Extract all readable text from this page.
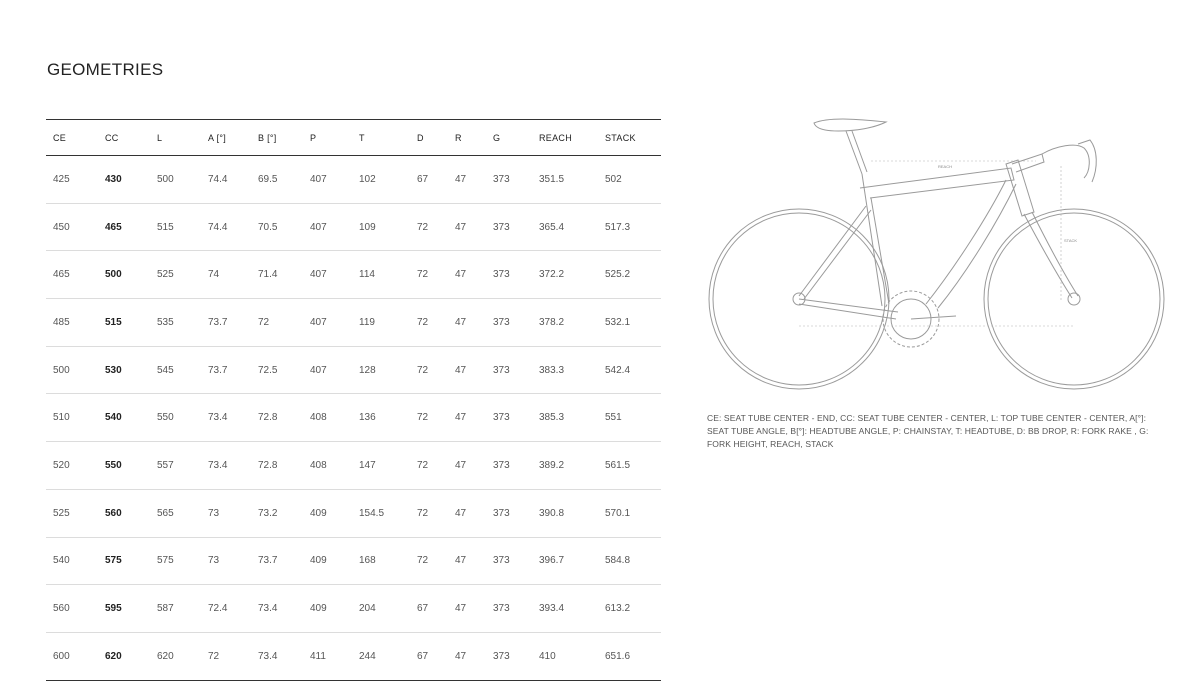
GEOMETRIES
CE	CC	L	A [°]	B [°]	P	T	D	R	G	REACH	STACK
425	430	500	74.4	69.5	407	102	67	47	373	351.5	502
450	465	515	74.4	70.5	407	109	72	47	373	365.4	517.3
465	500	525	74	71.4	407	114	72	47	373	372.2	525.2
485	515	535	73.7	72	407	119	72	47	373	378.2	532.1
500	530	545	73.7	72.5	407	128	72	47	373	383.3	542.4
510	540	550	73.4	72.8	408	136	72	47	373	385.3	551
520	550	557	73.4	72.8	408	147	72	47	373	389.2	561.5
525	560	565	73	73.2	409	154.5	72	47	373	390.8	570.1
540	575	575	73	73.7	409	168	72	47	373	396.7	584.8
560	595	587	72.4	73.4	409	204	67	47	373	393.4	613.2
600	620	620	72	73.4	411	244	67	47	373	410	651.6
REACH
STACK

CE: SEAT TUBE CENTER - END, CC: SEAT TUBE CENTER - CENTER, L: TOP TUBE CENTER - CENTER, A[°]: SEAT TUBE ANGLE, B[°]: HEADTUBE ANGLE, P: CHAINSTAY, T: HEADTUBE, D: BB DROP, R: FORK RAKE , G: FORK HEIGHT, REACH, STACK
